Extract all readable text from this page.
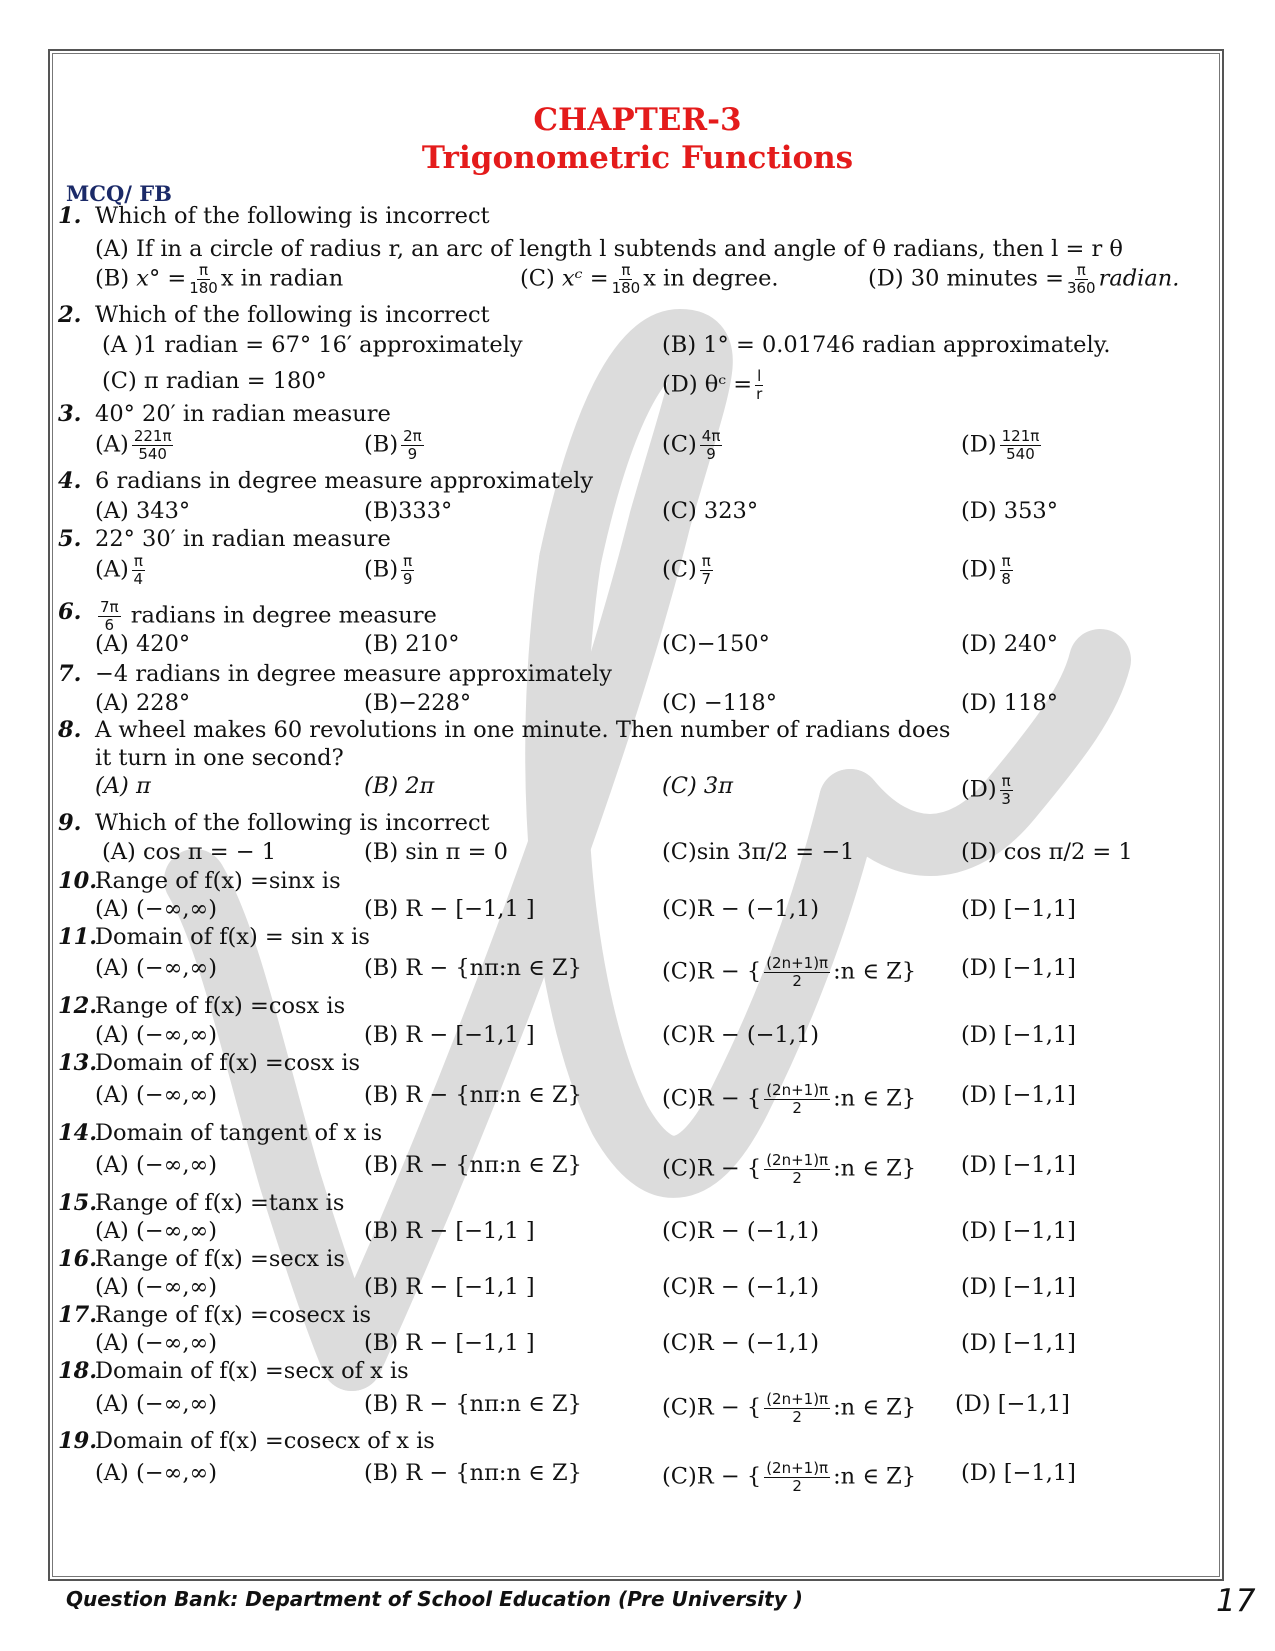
CHAPTER-3
Trigonometric Functions
MCQ/ FB
1. Which of the following is incorrect
(A) If in a circle of radius r, an arc of length l subtends and angle of θ radians, then l = r θ
(B) $x^\circ = \frac{\pi}{180}$ x in radian	(C) xᶜ = $\frac{\pi}{180}$ x in degree.	(D) 30 minutes = $\frac{\pi}{360}$ radian.
2. Which of the following is incorrect
(A )1 radian = 67° 16′ approximately	(B) 1° = 0.01746 radian approximately.
(C) π radian = 180°	(D) θᶜ = $\frac{l}{r}$
3. 40° 20′ in radian measure
$(A) \frac{221\pi}{540}$	$(B) \frac{2\pi}{9}$	$(C) \frac{4\pi}{9}$	$(D) \frac{121\pi}{540}$
4. 6 radians in degree measure approximately
(A) 343°	(B)333°	(C) 323°	(D) 353°
5. 22° 30′ in radian measure
$(A) \frac{\pi}{4}$	$(B) \frac{\pi}{9}$	$(C) \frac{\pi}{7}$	$(D) \frac{\pi}{8}$
6. $\frac{7\pi}{6}$ radians in degree measure
(A) 420°	(B) 210°	(C)−150°	(D) 240°
7. −4 radians in degree measure approximately
(A) 228°	(B)−228°	(C) −118°	(D) 118°
8. A wheel makes 60 revolutions in one minute. Then number of radians does
it turn in one second?
(A) π	(B) 2π	(C) 3π	$(D) \frac{\pi}{3}$
9. Which of the following is incorrect
(A) cos π = − 1	(B) sin π = 0	(C)sin 3π/2 = −1	(D) cos π/2 = 1
10.
Range of f(x) =sinx is
(A) (−∞,∞)	(B) R − [−1,1 ]	(C)R − (−1,1)	(D) [−1,1]
11.
Domain of f(x) = sin x is
(A) (−∞,∞)	(B) R − {nπ:n ∈ Z}	(C)R − { $\frac{(2n+1)\pi}{2}$ :n ∈ Z} (D) [−1,1]
12.
Range of f(x) =cosx is
(A) (−∞,∞)	(B) R − [−1,1 ]	(C)R − (−1,1)	(D) [−1,1]
13.
Domain of f(x) =cosx is
(A) (−∞,∞)	(B) R − {nπ:n ∈ Z}	(C)R − { $\frac{(2n+1)\pi}{2}$ :n ∈ Z} (D) [−1,1]
14.
Domain of tangent of x is
(A) (−∞,∞)	(B) R − {nπ:n ∈ Z}	(C)R − { $\frac{(2n+1)\pi}{2}$ :n ∈ Z} (D) [−1,1]
15.
Range of f(x) =tanx is
(A) (−∞,∞)	(B) R − [−1,1 ]	(C)R − (−1,1)	(D) [−1,1]
16.
Range of f(x) =secx is
(A) (−∞,∞)	(B) R − [−1,1 ]	(C)R − (−1,1)	(D) [−1,1]
17.
Range of f(x) =cosecx is
(A) (−∞,∞)	(B) R − [−1,1 ]	(C)R − (−1,1)	(D) [−1,1]
18.
Domain of f(x) =secx of x is
(A) (−∞,∞)	(B) R − {nπ:n ∈ Z}	(C)R − { $\frac{(2n+1)\pi}{2}$ :n ∈ Z} (D) [−1,1]
19.
Domain of f(x) =cosecx of x is
(A) (−∞,∞)	(B) R − {nπ:n ∈ Z}	(C)R − { $\frac{(2n+1)\pi}{2}$ :n ∈ Z} (D) [−1,1]
Question Bank: Department of School Education (Pre University )	17
